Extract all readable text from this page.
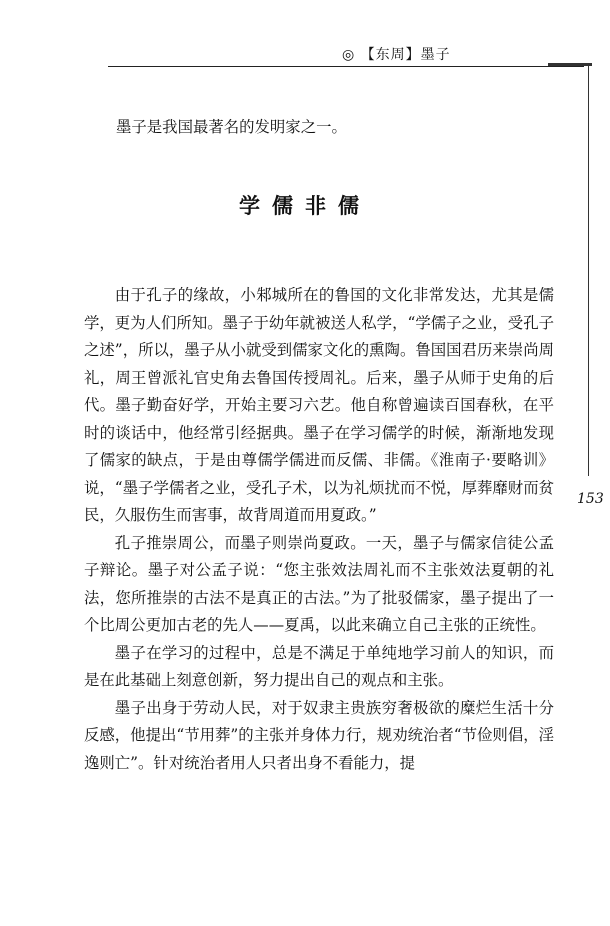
◎ 【东周】墨子
153
墨子是我国最著名的发明家之一。
学儒非儒

由于孔子的缘故，小邾城所在的鲁国的文化非常发达，尤其是儒学，更为人们所知。墨子于幼年就被送人私学，“学儒子之业，受孔子之述”，所以，墨子从小就受到儒家文化的熏陶。鲁国国君历来崇尚周礼，周王曾派礼官史角去鲁国传授周礼。后来，墨子从师于史角的后代。墨子勤奋好学，开始主要习六艺。他自称曾遍读百国春秋，在平时的谈话中，他经常引经据典。墨子在学习儒学的时候，渐渐地发现了儒家的缺点，于是由尊儒学儒进而反儒、非儒。《淮南子·要略训》说，“墨子学儒者之业，受孔子术，以为礼烦扰而不悦，厚葬靡财而贫民，久服伤生而害事，故背周道而用夏政。”

孔子推崇周公，而墨子则崇尚夏政。一天，墨子与儒家信徒公孟子辩论。墨子对公孟子说：“您主张效法周礼而不主张效法夏朝的礼法，您所推崇的古法不是真正的古法。”为了批驳儒家，墨子提出了一个比周公更加古老的先人——夏禹，以此来确立自己主张的正统性。

墨子在学习的过程中，总是不满足于单纯地学习前人的知识，而是在此基础上刻意创新，努力提出自己的观点和主张。

墨子出身于劳动人民，对于奴隶主贵族穷奢极欲的糜烂生活十分反感，他提出“节用葬”的主张并身体力行，规劝统治者“节俭则倡，淫逸则亡”。针对统治者用人只者出身不看能力，提
